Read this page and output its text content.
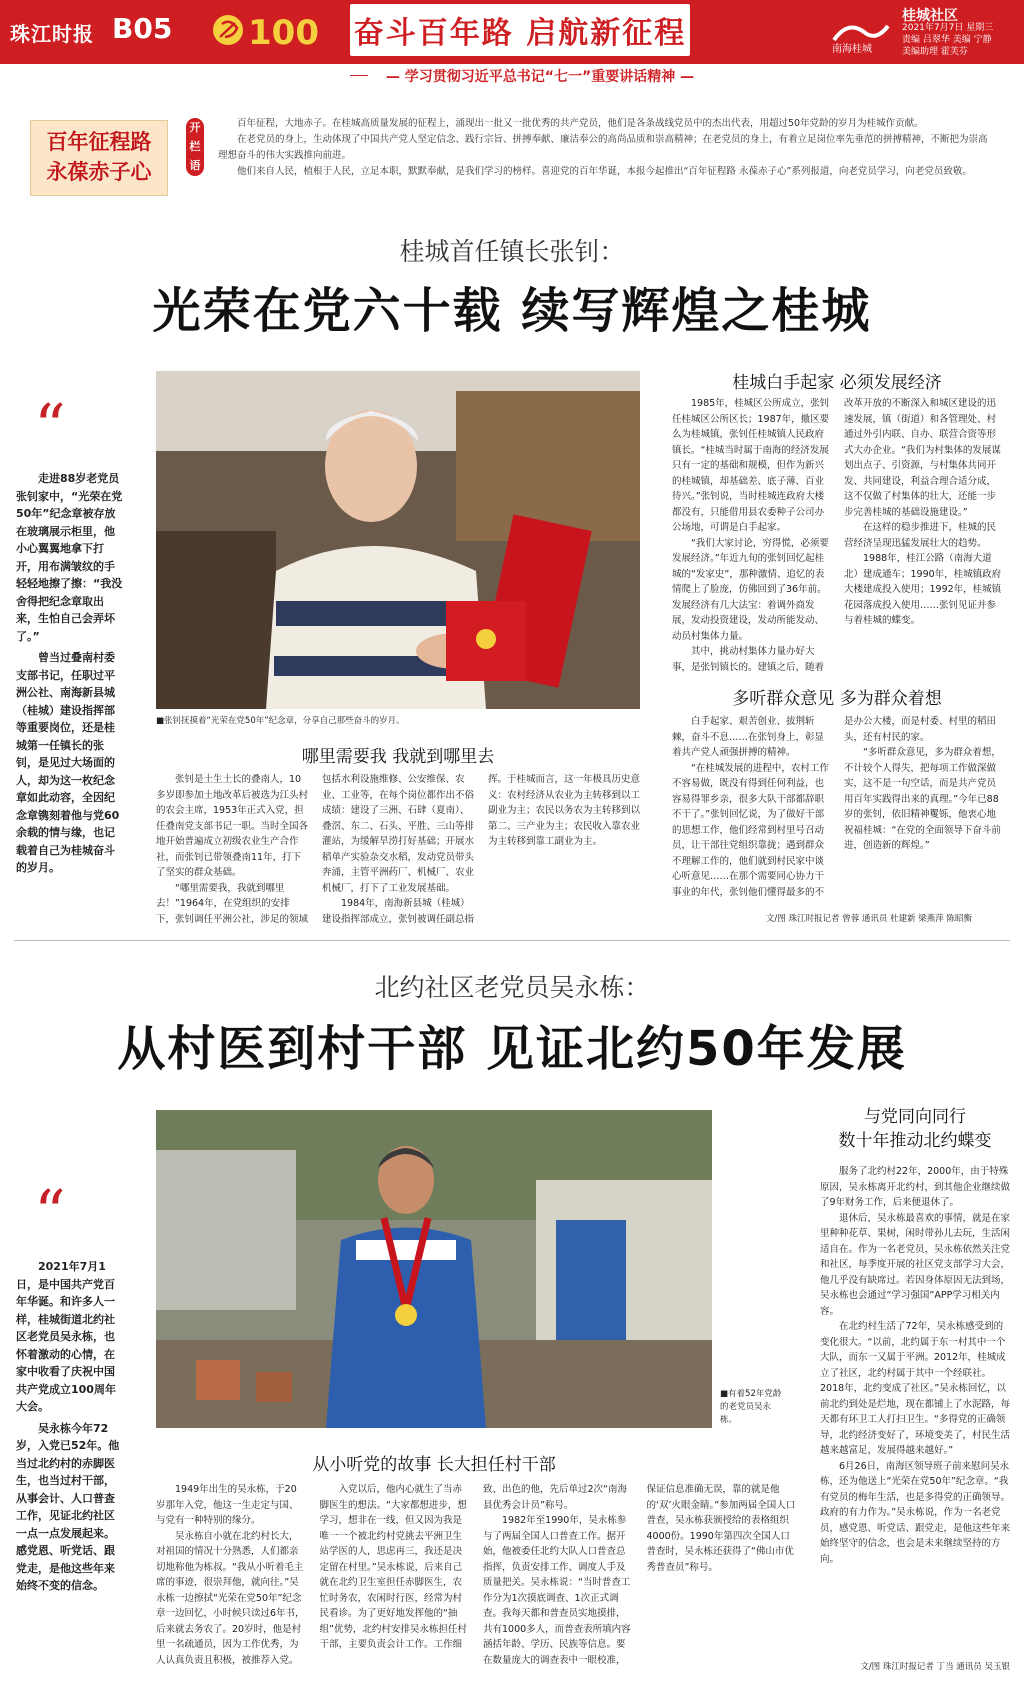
珠江时报 B05 100 奋斗百年路 启航新征程
— 学习贯彻习近平总书记“七一”重要讲话精神 —
南海桂城
桂城社区
2021年7月7日 星期三
责编 吕翠华 美编 宁静
美编助理 霍芙芬
百年征程路
永葆赤子心
开栏语

百年征程，大地赤子。在桂城高质量发展的征程上，涌现出一批又一批优秀的共产党员，他们是各条战线党员中的杰出代表，用超过50年党龄的岁月为桂城作贡献。

在老党员的身上，生动体现了中国共产党人坚定信念、践行宗旨、拼搏奉献、廉洁奉公的高尚品质和崇高精神；在老党员的身上，有着立足岗位率先垂范的拼搏精神，不断把为崇高理想奋斗的伟大实践推向前进。

他们来自人民，植根于人民，立足本职，默默奉献，是我们学习的榜样。喜迎党的百年华诞，本报今起推出“百年征程路 永葆赤子心”系列报道，向老党员学习，向老党员致敬。

桂城首任镇长张钊：
光荣在党六十载 续写辉煌之桂城
“

走进88岁老党员张钊家中，“光荣在党50年”纪念章被存放在玻璃展示柜里，他小心翼翼地拿下打开，用布满皱纹的手轻轻地擦了擦：“我没舍得把纪念章取出来，生怕自己会弄坏了。”

曾当过叠南村委支部书记，任职过平洲公社、南海新县城（桂城）建设指挥部等重要岗位，还是桂城第一任镇长的张钊，是见过大场面的人，却为这一枚纪念章如此动容，全因纪念章镌刻着他与党60余载的情与缘，也记载着自己为桂城奋斗的岁月。

■张钊抚摸着“光荣在党50年”纪念章，分享自己那些奋斗的岁月。
哪里需要我 我就到哪里去

张钊是土生土长的叠南人，10多岁即参加土地改革后被选为江头村的农会主席，1953年正式入党，担任叠南党支部书记一职。当时全国各地开始普遍成立初级农业生产合作社，而张钊已带领叠南11年，打下了坚实的群众基础。

“哪里需要我，我就到哪里去！”1964年，在党组织的安排下，张钊调任平洲公社，涉足的领域包括水利设施维修、公安维保、农业、工业等，在每个岗位都作出不俗成绩：建设了三洲、石肆（夏南）、叠滘、东二、石头、平胜、三山等排灌站，为缓解旱涝打好基础；开展水稻单产实验杂交水稻，发动党员带头奔涌，主管平洲药厂、机械厂、农业机械厂，打下了工业发展基础。

1984年，南海新县城（桂城）建设指挥部成立，张钊被调任副总指挥。于桂城而言，这一年极具历史意义：农村经济从农业为主转移到以工副业为主；农民以务农为主转移到以第二、三产业为主；农民收入靠农业为主转移到靠工副业为主。

桂城白手起家 必须发展经济

1985年，桂城区公所成立，张钊任桂城区公所区长；1987年，撤区要么为桂城镇，张钊任桂城镇人民政府镇长。“桂城当时属于南海的经济发展只有一定的基础和规模，但作为新兴的桂城镇，却基础差、底子薄、百业待兴。”张钊说，当时桂城连政府大楼都没有，只能借用县农委种子公司办公场地，可谓是白手起家。

“我们大家讨论，穷得慌，必须要发展经济。”年近九旬的张钊回忆起桂城的“发家史”，那种激情、追忆的表情爬上了脸庞，仿佛回到了36年前。发展经济有几大法宝：着调外商发展，发动投资建设，发动所能发动、动员村集体力量。

其中，挑动村集体力量办好大事，是张钊镇长的。建镇之后，随着改革开放的不断深入和城区建设的迅速发展，镇（街道）和各管理处、村通过外引内联、自办、联营合资等形式大办企业。“我们为村集体的发展谋划出点子、引资源，与村集体共同开发、共同建设，利益合理合适分成，这不仅做了村集体的壮大，还能一步步完善桂城的基础设施建设。”

在这样的稳步推进下，桂城的民营经济呈现迅猛发展壮大的趋势。

1988年，桂江公路（南海大道北）建成通车；1990年，桂城镇政府大楼建成投入使用；1992年，桂城镇花园落成投入使用……张钊见证并参与着桂城的蝶变。

多听群众意见 多为群众着想

白手起家、艰苦创业、拔荆斩棘，奋斗不息……在张钊身上，彰显着共产党人顽强拼搏的精神。

“在桂城发展的进程中，农村工作不容易做，既没有得到任何利益，也容易得罪乡亲，很多大队干部都辞职不干了。”张钊回忆说，为了做好干部的思想工作，他们经常到村里号召动员，让干部往党组织靠拢；遇到群众不理解工作的，他们就到村民家中谈心听意见……在那个需要同心协力干事业的年代，张钊他们懂得最多的不是办公大楼，而是村委、村里的稻田头，还有村民的家。

“多听群众意见，多为群众着想，不计较个人得失，把每项工作做深做实，这不是一句空话，而是共产党员用百年实践得出来的真理。”今年已88岁的张钊，依旧精神矍铄，他衷心地祝福桂城：“在党的全面领导下奋斗前进，创造新的辉煌。”

文/图 珠江时报记者 曾蓉 通讯员 杜建新 梁燕萍 陈昭衡
北约社区老党员吴永栋：
从村医到村干部 见证北约50年发展
“

2021年7月1日，是中国共产党百年华诞。和许多人一样，桂城街道北约社区老党员吴永栋，也怀着激动的心情，在家中收看了庆祝中国共产党成立100周年大会。

吴永栋今年72岁，入党已52年。他当过北约村的赤脚医生，也当过村干部，从事会计、人口普查工作，见证北约社区一点一点发展起来。感党恩、听党话、跟党走，是他这些年来始终不变的信念。

■有着52年党龄的老党员吴永栋。
从小听党的故事 长大担任村干部

1949年出生的吴永栋，于20岁那年入党，他这一生走定与国、与党有一种特别的缘分。

吴永栋自小就在北约村长大，对祖国的情况十分熟悉，人们都亲切地称他为栋叔。“我从小听着毛主席的事迹，很崇拜他，就向往。”吴永栋一边擦拭“光荣在党50年”纪念章一边回忆，小时候只读过6年书，后来就去务农了。20岁时，他是村里一名疏通员，因为工作优秀，为人认真负责且积极，被推荐入党。

入党以后，他内心就生了当赤脚医生的想法。“大家都想进步，想学习，想非在一线，但又因为我是唯一一个被北约村党挑去平洲卫生站学医的人，思虑再三，我还是决定留在村里。”吴永栋说，后来自己就在北约卫生室担任赤脚医生，农忙时务农，农闲时行医，经常为村民看诊。为了更好地发挥他的“抽组”优势，北约村安排吴永栋担任村干部，主要负责会计工作。工作细致、出色的他，先后单过2次“南海县优秀会计员”称号。

1982年至1990年，吴永栋参与了两届全国人口普查工作。据开始，他被委任北约大队人口普查总指挥，负责安排工作、调度人手及质量把关。吴永栋说：“当时普查工作分为1次摸底调查、1次正式调查。我每天都和普查员实地摸排，共有1000多人，而普查表所填内容涵括年龄、学历、民族等信息。要在数量庞大的调查表中一眼校准，保证信息准确无误，靠的就是他的‘双’火眼金睛。”参加两届全国人口普查，吴永栋获颁授给的表格组织4000份。1990年第四次全国人口普查时，吴永栋还获得了“佛山市优秀普查员”称号。

与党同向同行
数十年推动北约蝶变

服务了北约村22年，2000年，由于特殊原因，吴永栋离开北约村，到其他企业继续做了9年财务工作，后来便退休了。

退休后，吴永栋最喜欢的事情，就是在家里种种花草、果树，闲时带孙儿去玩，生活闲适自在。作为一名老党员，吴永栋依然关注党和社区，每季度开展的社区党支部学习大会，他几乎没有缺席过。若因身体原因无法到场，吴永栋也会通过“学习强国”APP学习相关内容。

在北约村生活了72年，吴永栋感受到的变化很大。“以前，北约属于东一村其中一个大队，而东一又属于平洲。2012年，桂城成立了社区，北约村属于其中一个经联社。2018年，北约变成了社区。”吴永栋回忆，以前北约到处是烂地，现在都铺上了水泥路，每天都有环卫工人打扫卫生。“多得党的正确领导，北约经济变好了，环境变美了，村民生活越来越富足，发展得越来越好。”

6月26日，南海区领导班子前来慰问吴永栋，还为他送上“光荣在党50年”纪念章。“我有党员的梅年生活，也是多得党的正确领导。政府的有力作为。”吴永栋说，作为一名老党员，感党恩、听党话、跟党走，是他这些年来始终坚守的信念，也会是未来继续坚持的方向。

文/图 珠江时报记者 丁当 通讯员 吴玉银
